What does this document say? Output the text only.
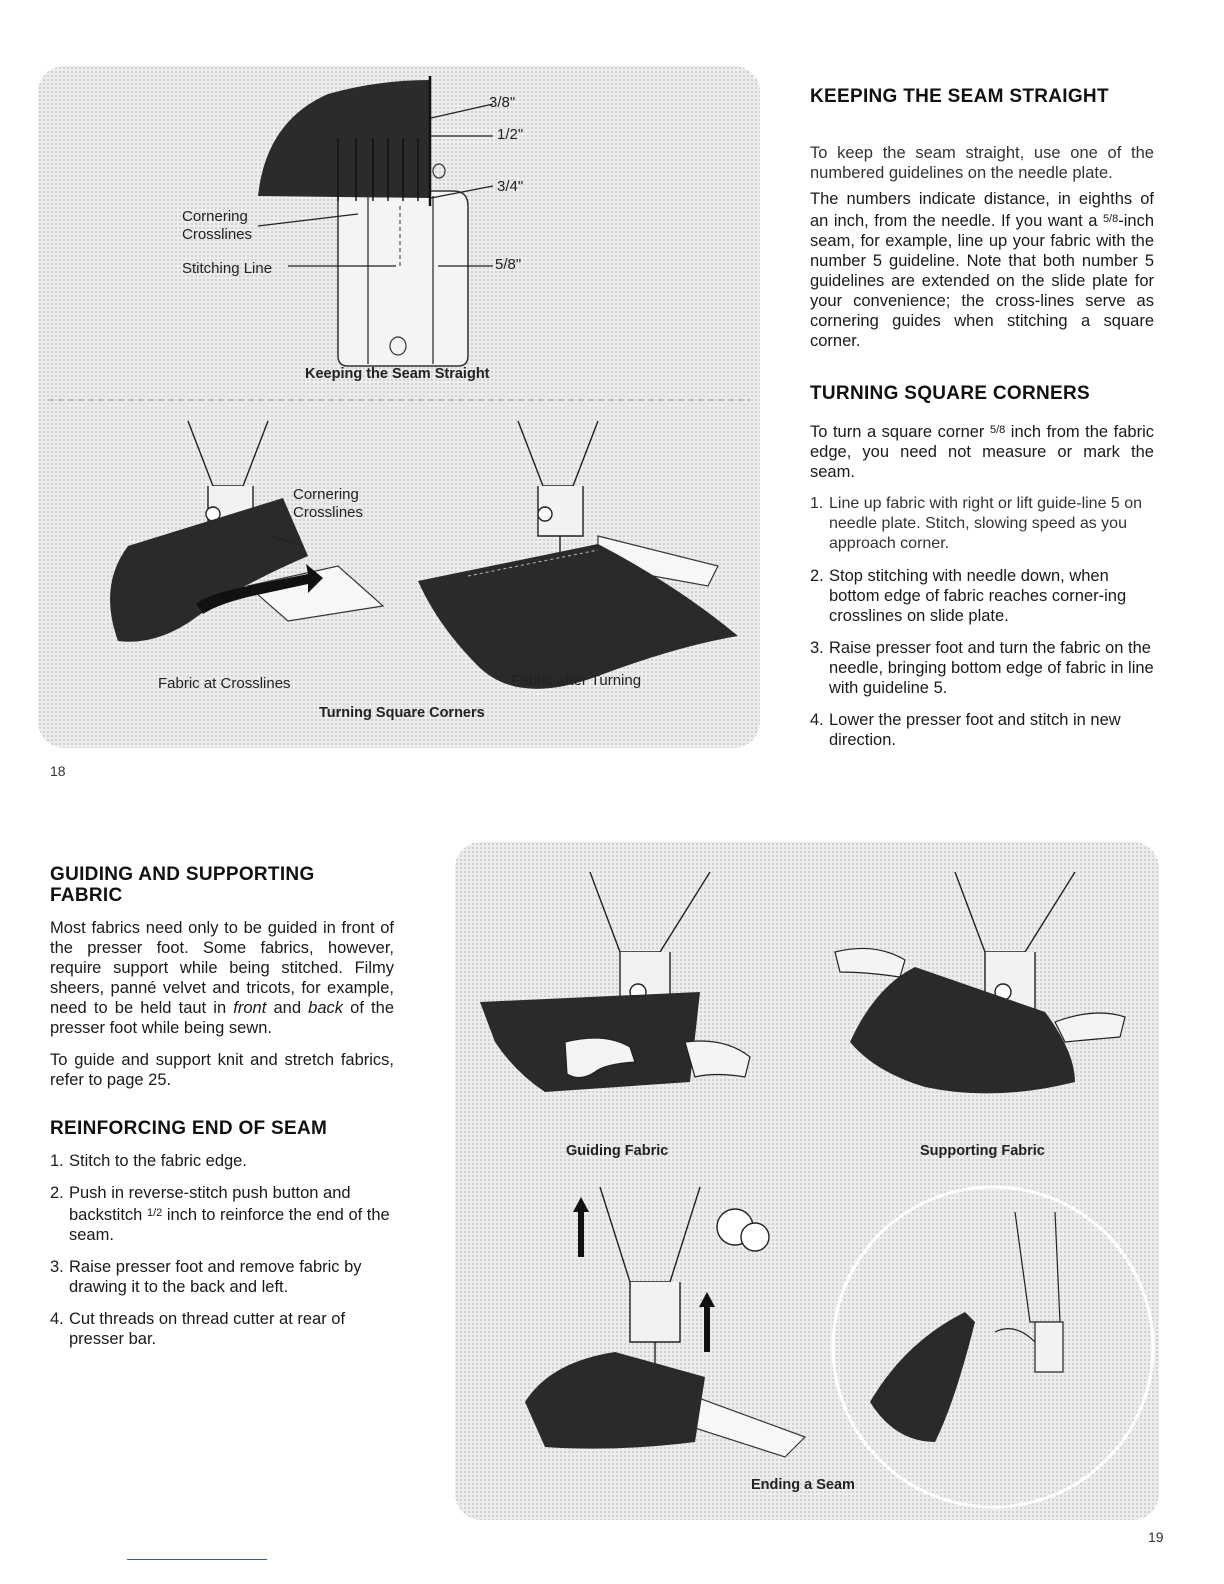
3/8"
1/2"
3/4"
5/8"
Cornering
Crosslines
Stitching Line
Keeping the Seam Straight
Cornering
Crosslines
Fabric at Crosslines	Fabric after Turning
Turning Square Corners
18
KEEPING THE SEAM STRAIGHT

To keep the seam straight, use one of the numbered guidelines on the needle plate.

The numbers indicate distance, in eighths of an inch, from the needle. If you want a $^{5/8}$-inch seam, for example, line up your fabric with the number 5 guideline. Note that both number 5 guidelines are extended on the slide plate for your convenience; the cross-lines serve as cornering guides when stitching a square corner.

TURNING SQUARE CORNERS

To turn a square corner $^{5/8}$ inch from the fabric edge, you need not measure or mark the seam.

1. Line up fabric with right or lift guide-line 5 on needle plate. Stitch, slowing speed as you approach corner.
2. Stop stitching with needle down, when bottom edge of fabric reaches corner-ing crosslines on slide plate.
3. Raise presser foot and turn the fabric on the needle, bringing bottom edge of fabric in line with guideline 5.
4. Lower the presser foot and stitch in new direction.
GUIDING AND SUPPORTING
FABRIC

Most fabrics need only to be guided in front of the presser foot. Some fabrics, however, require support while being stitched. Filmy sheers, panné velvet and tricots, for example, need to be held taut in front and back of the presser foot while being sewn.

To guide and support knit and stretch fabrics, refer to page 25.

REINFORCING END OF SEAM
1. Stitch to the fabric edge.
2. Push in reverse-stitch push button and backstitch $^{1/2}$ inch to reinforce the end of the seam.
3. Raise presser foot and remove fabric by drawing it to the back and left.
4. Cut threads on thread cutter at rear of presser bar.
Guiding Fabric	Supporting Fabric
Ending a Seam
19
